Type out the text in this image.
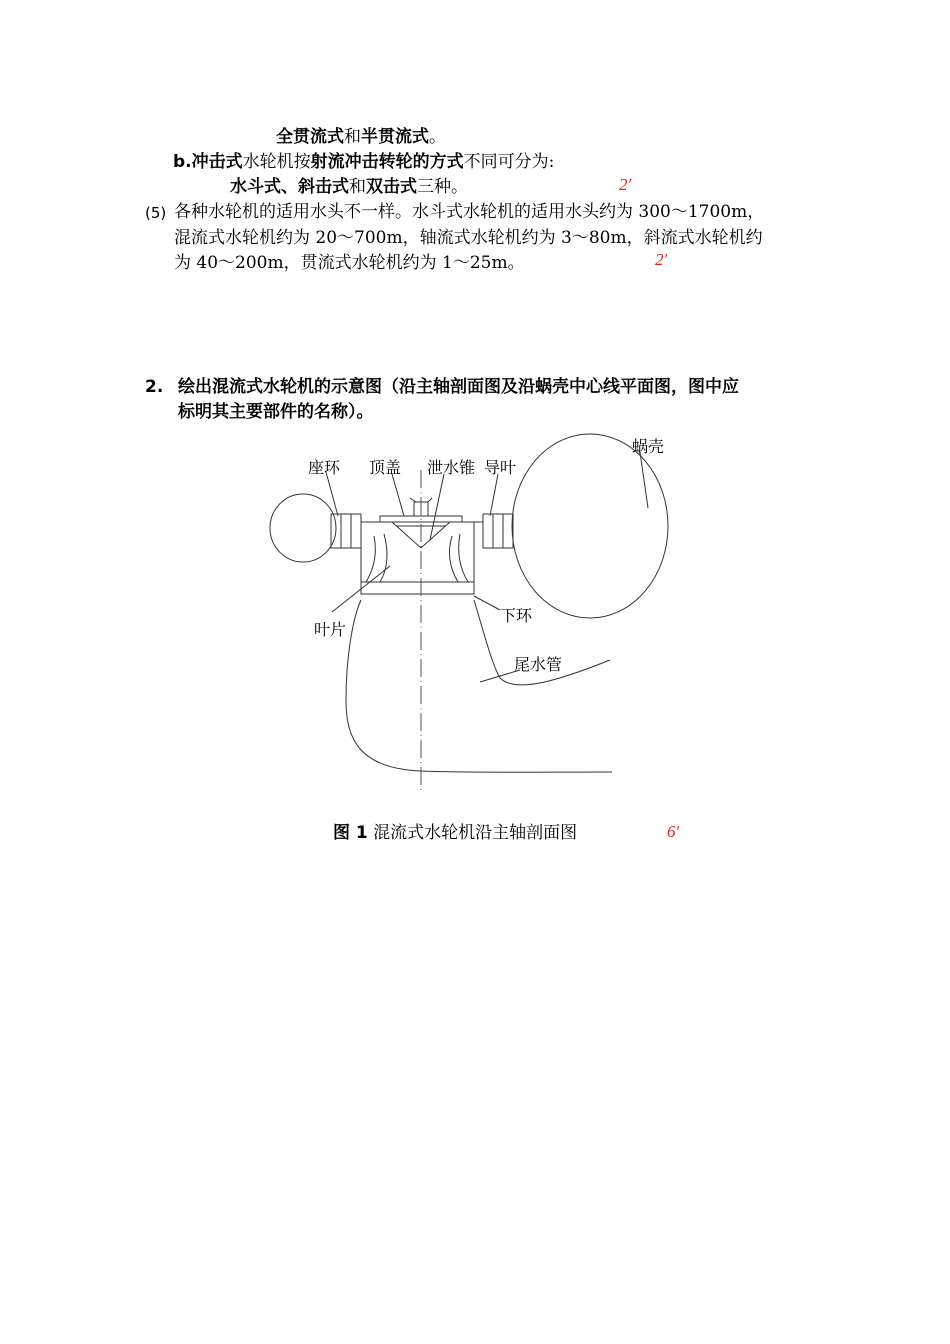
全贯流式和半贯流式。
b.冲击式水轮机按射流冲击转轮的方式不同可分为:
水斗式、斜击式和双击式三种。	2′
(5) 各种水轮机的适用水头不一样。水斗式水轮机的适用水头约为 300～1700m，
混流式水轮机约为 20～700m，轴流式水轮机约为 3～80m，斜流式水轮机约
为 40～200m，贯流式水轮机约为 1～25m。	2′
2. 绘出混流式水轮机的示意图（沿主轴剖面图及沿蜗壳中心线平面图，图中应
标明其主要部件的名称）。
蜗壳
座环 顶盖 泄水锥 导叶
叶片
下环
尾水管
图 1 混流式水轮机沿主轴剖面图	6′
